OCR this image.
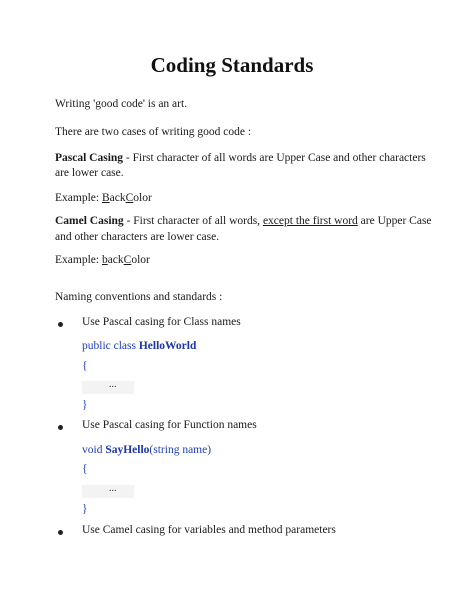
Coding Standards
Writing 'good code' is an art.
There are two cases of writing good code :
Pascal Casing - First character of all words are Upper Case and other characters
are lower case.
Example: BackColor
Camel Casing - First character of all words, except the first word are Upper Case
and other characters are lower case.
Example: backColor
Naming conventions and standards :
Use Pascal casing for Class names
public class HelloWorld
{
...
}
Use Pascal casing for Function names
void SayHello(string name)
{
...
}
Use Camel casing for variables and method parameters
